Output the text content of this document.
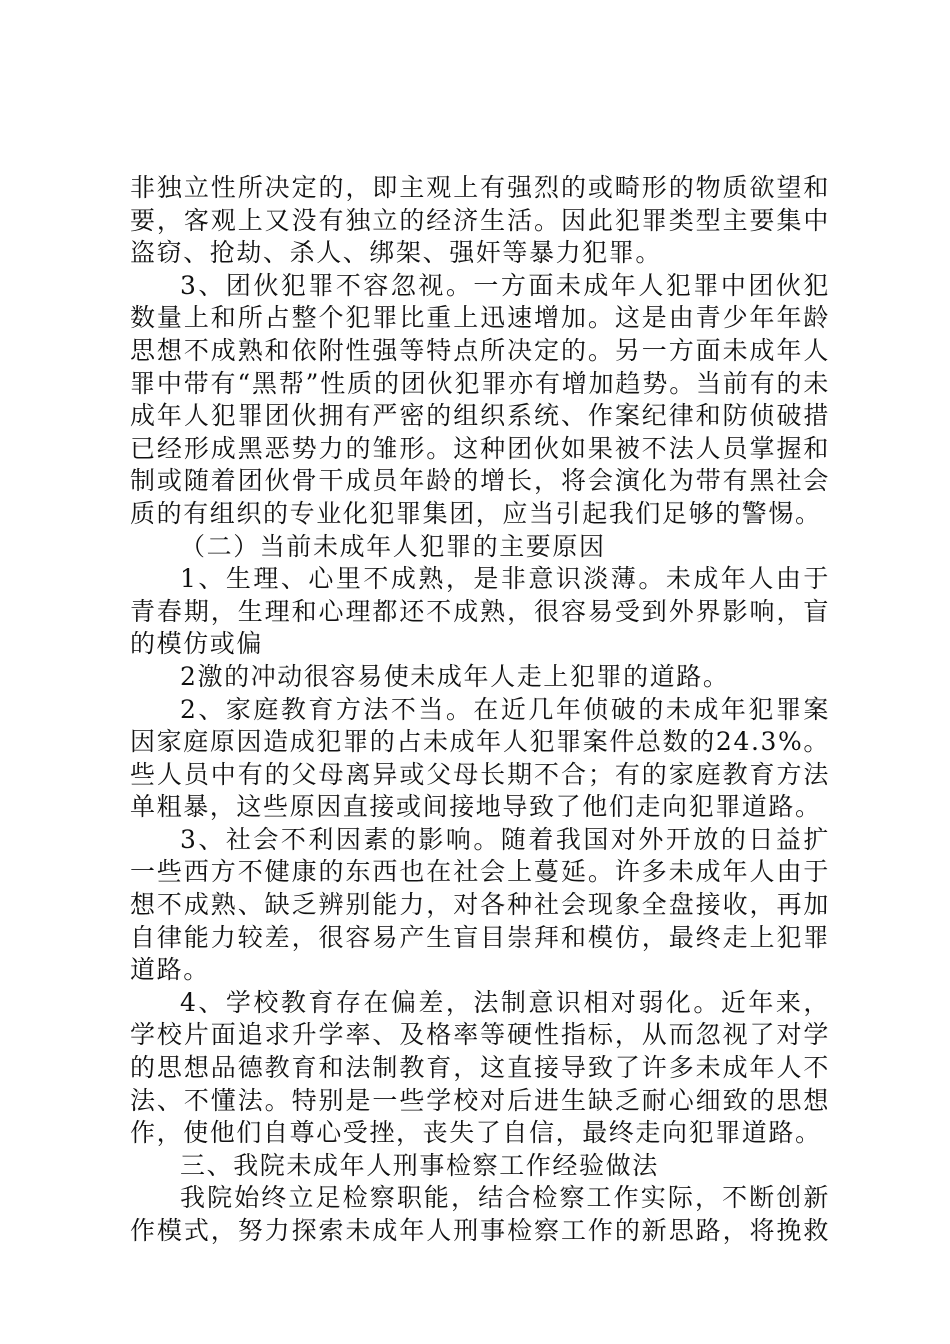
非独立性所决定的，即主观上有强烈的或畸形的物质欲望和
要，客观上又没有独立的经济生活。因此犯罪类型主要集中
盗窃、抢劫、杀人、绑架、强奸等暴力犯罪。
3、团伙犯罪不容忽视。一方面未成年人犯罪中团伙犯
数量上和所占整个犯罪比重上迅速增加。这是由青少年年龄
思想不成熟和依附性强等特点所决定的。另一方面未成年人
罪中带有“黑帮”性质的团伙犯罪亦有增加趋势。当前有的未
成年人犯罪团伙拥有严密的组织系统、作案纪律和防侦破措
已经形成黑恶势力的雏形。这种团伙如果被不法人员掌握和
制或随着团伙骨干成员年龄的增长，将会演化为带有黑社会
质的有组织的专业化犯罪集团，应当引起我们足够的警惕。
（二）当前未成年人犯罪的主要原因
1、生理、心里不成熟，是非意识淡薄。未成年人由于
青春期，生理和心理都还不成熟，很容易受到外界影响，盲
的模仿或偏
2激的冲动很容易使未成年人走上犯罪的道路。
2、家庭教育方法不当。在近几年侦破的未成年犯罪案
因家庭原因造成犯罪的占未成年人犯罪案件总数的24.3%。
些人员中有的父母离异或父母长期不合；有的家庭教育方法
单粗暴，这些原因直接或间接地导致了他们走向犯罪道路。
3、社会不利因素的影响。随着我国对外开放的日益扩
一些西方不健康的东西也在社会上蔓延。许多未成年人由于
想不成熟、缺乏辨别能力，对各种社会现象全盘接收，再加
自律能力较差，很容易产生盲目崇拜和模仿，最终走上犯罪
道路。
4、学校教育存在偏差，法制意识相对弱化。近年来，
学校片面追求升学率、及格率等硬性指标，从而忽视了对学
的思想品德教育和法制教育，这直接导致了许多未成年人不
法、不懂法。特别是一些学校对后进生缺乏耐心细致的思想
作，使他们自尊心受挫，丧失了自信，最终走向犯罪道路。
三、我院未成年人刑事检察工作经验做法
我院始终立足检察职能，结合检察工作实际，不断创新
作模式，努力探索未成年人刑事检察工作的新思路，将挽救
